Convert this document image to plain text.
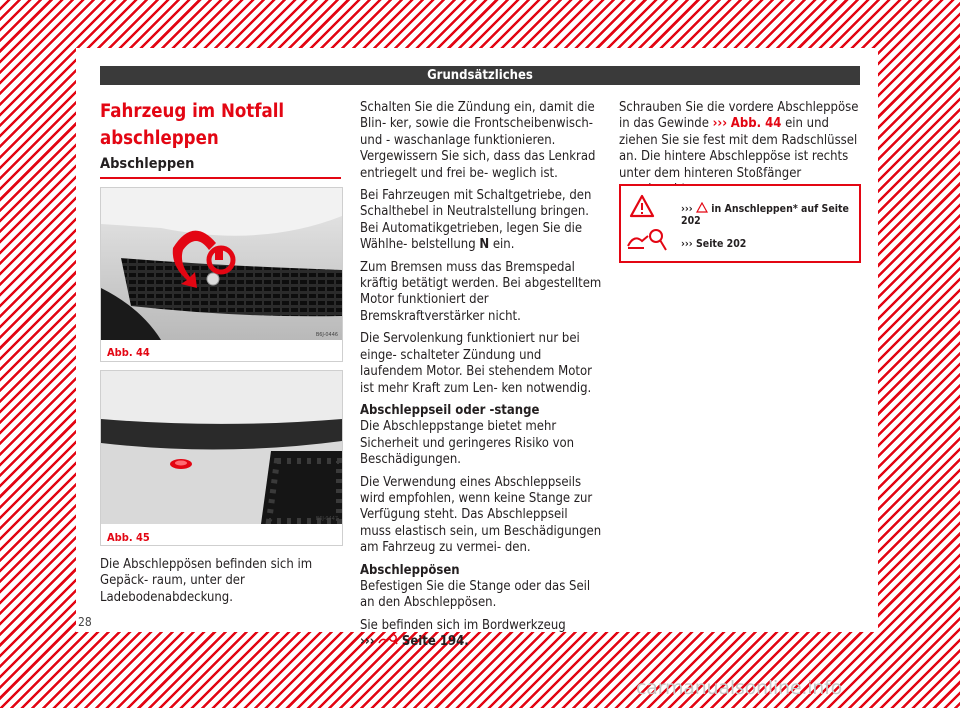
Grundsätzliches
Fahrzeug im Notfall abschleppen
Abschleppen
Abb. 44
B6J-0446
Abb. 45
B6J-0447

Die Abschleppösen befinden sich im Gepäck- raum, unter der Ladebodenabdeckung.

Schalten Sie die Zündung ein, damit die Blin- ker, sowie die Frontscheibenwisch- und - waschanlage funktionieren. Vergewissern Sie sich, dass das Lenkrad entriegelt und frei be- weglich ist.

Bei Fahrzeugen mit Schaltgetriebe, den Schalthebel in Neutralstellung bringen. Bei Automatikgetrieben, legen Sie die Wählhe- belstellung N ein.

Zum Bremsen muss das Bremspedal kräftig betätigt werden. Bei abgestelltem Motor funktioniert der Bremskraftverstärker nicht.

Die Servolenkung funktioniert nur bei einge- schalteter Zündung und laufendem Motor. Bei stehendem Motor ist mehr Kraft zum Len- ken notwendig.

Abschleppseil oder -stange

Die Abschleppstange bietet mehr Sicherheit und geringeres Risiko von Beschädigungen.

Die Verwendung eines Abschleppseils wird empfohlen, wenn keine Stange zur Verfügung steht. Das Abschleppseil muss elastisch sein, um Beschädigungen am Fahrzeug zu vermei- den.

Abschleppösen

Befestigen Sie die Stange oder das Seil an den Abschleppösen.

Sie befinden sich im Bordwerkzeug

››› Seite 194.

Schrauben Sie die vordere Abschleppöse in das Gewinde ››› Abb. 44 ein und ziehen Sie sie fest mit dem Radschlüssel an. Die hintere Abschleppöse ist rechts unter dem hinteren Stoßfänger

››› in Anschleppen* auf Seite 202
››› Seite 202
28
carmanualsonline.info
